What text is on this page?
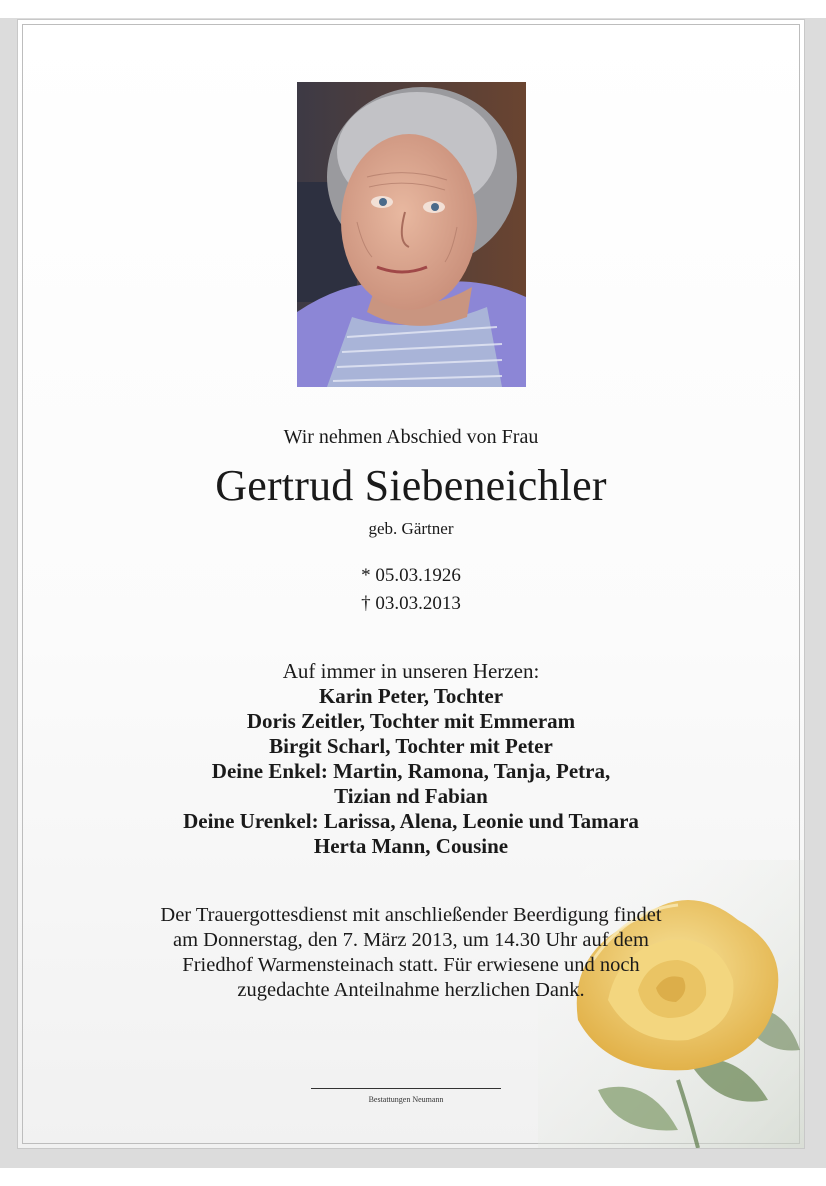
Wir nehmen Abschied von Frau
Gertrud Siebeneichler
geb. Gärtner
* 05.03.1926
† 03.03.2013
Auf immer in unseren Herzen:
Karin Peter, Tochter
Doris Zeitler, Tochter mit Emmeram
Birgit Scharl, Tochter mit Peter
Deine Enkel: Martin, Ramona, Tanja, Petra,
Tizian nd Fabian
Deine Urenkel: Larissa, Alena, Leonie und Tamara
Herta Mann, Cousine
Der Trauergottesdienst mit anschließender Beerdigung findet
am Donnerstag, den 7. März 2013, um 14.30 Uhr auf dem
Friedhof Warmensteinach statt. Für erwiesene und noch
zugedachte Anteilnahme herzlichen Dank.
Bestattungen Neumann
